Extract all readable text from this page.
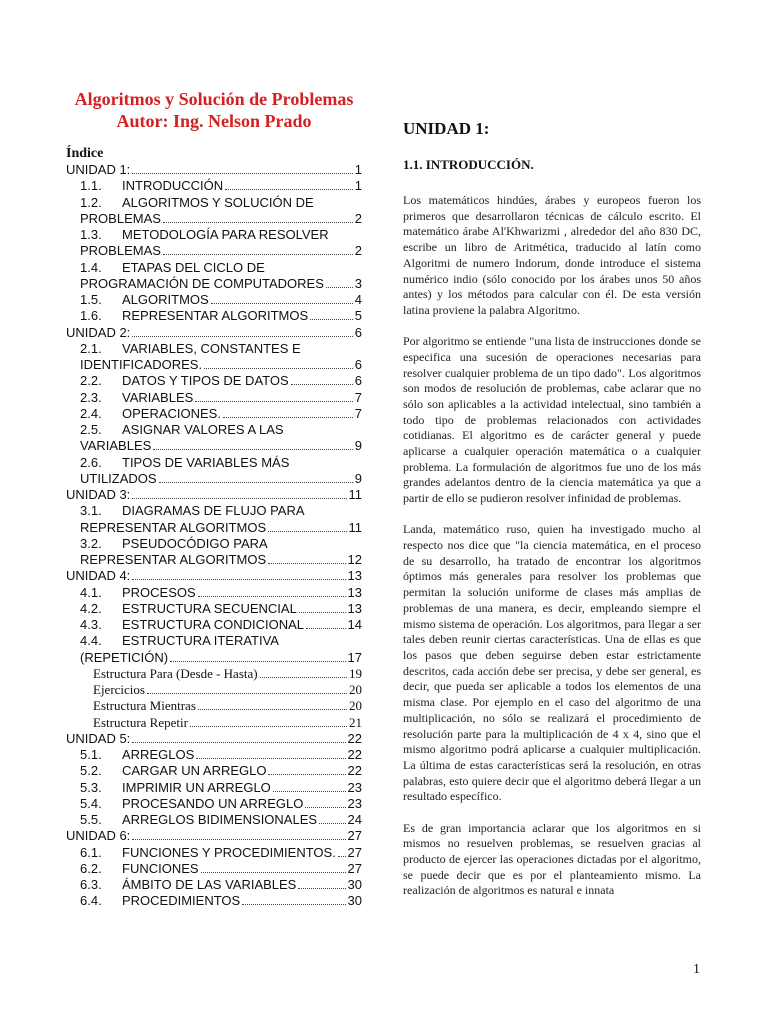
Algoritmos y Solución de Problemas
Autor: Ing. Nelson Prado
Índice
UNIDAD 1:	1
1.1.	INTRODUCCIÓN	1
1.2.	ALGORITMOS Y SOLUCIÓN DE
PROBLEMAS	2
1.3.	METODOLOGÍA PARA RESOLVER
PROBLEMAS	2
1.4.	ETAPAS DEL CICLO DE
PROGRAMACIÓN DE COMPUTADORES 3
1.5.	ALGORITMOS	4
1.6.	REPRESENTAR ALGORITMOS	5
UNIDAD 2:	6
2.1.	VARIABLES, CONSTANTES E
IDENTIFICADORES.	6
2.2.	DATOS Y TIPOS DE DATOS	6
2.3.	VARIABLES	7
2.4.	OPERACIONES.	7
2.5.	ASIGNAR VALORES A LAS
VARIABLES	9
2.6.	TIPOS DE VARIABLES MÁS
UTILIZADOS	9
UNIDAD 3:	11
3.1.	DIAGRAMAS DE FLUJO PARA
REPRESENTAR ALGORITMOS	11
3.2.	PSEUDOCÓDIGO PARA
REPRESENTAR ALGORITMOS	12
UNIDAD 4:	13
4.1.	PROCESOS	13
4.2.	ESTRUCTURA SECUENCIAL	13
4.3.	ESTRUCTURA CONDICIONAL	14
4.4.	ESTRUCTURA ITERATIVA
(REPETICIÓN)	17
Estructura Para (Desde - Hasta)	19
Ejercicios	20
Estructura Mientras	20
Estructura Repetir	21
UNIDAD 5:	22
5.1.	ARREGLOS	22
5.2.	CARGAR UN ARREGLO	22
5.3.	IMPRIMIR UN ARREGLO	23
5.4.	PROCESANDO UN ARREGLO	23
5.5.	ARREGLOS BIDIMENSIONALES 24
UNIDAD 6:	27
6.1.	FUNCIONES Y PROCEDIMIENTOS. 27
6.2.	FUNCIONES	27
6.3.	ÁMBITO DE LAS VARIABLES	30
6.4.	PROCEDIMIENTOS	30
UNIDAD 1:
1.1. INTRODUCCIÓN.

Los matemáticos hindúes, árabes y europeos fueron los primeros que desarrollaron técnicas de cálculo escrito. El matemático árabe Al'Khwarizmi , alrededor del año 830 DC, escribe un libro de Aritmética, traducido al latín como Algoritmi de numero Indorum, donde introduce el sistema numérico indio (sólo conocido por los árabes unos 50 años antes) y los métodos para calcular con él. De esta versión latina proviene la palabra Algoritmo.

Por algoritmo se entiende "una lista de instrucciones donde se especifica una sucesión de operaciones necesarias para resolver cualquier problema de un tipo dado". Los algoritmos son modos de resolución de problemas, cabe aclarar que no sólo son aplicables a la actividad intelectual, sino también a todo tipo de problemas relacionados con actividades cotidianas. El algoritmo es de carácter general y puede aplicarse a cualquier operación matemática o a cualquier problema. La formulación de algoritmos fue uno de los más grandes adelantos dentro de la ciencia matemática ya que a partir de ello se pudieron resolver infinidad de problemas.

Landa, matemático ruso, quien ha investigado mucho al respecto nos dice que "la ciencia matemática, en el proceso de su desarrollo, ha tratado de encontrar los algoritmos óptimos más generales para resolver los problemas que permitan la solución uniforme de clases más amplias de problemas de una manera, es decir, empleando siempre el mismo sistema de operación. Los algoritmos, para llegar a ser tales deben reunir ciertas características. Una de ellas es que los pasos que deben seguirse deben estar estrictamente descritos, cada acción debe ser precisa, y debe ser general, es decir, que pueda ser aplicable a todos los elementos de una misma clase. Por ejemplo en el caso del algoritmo de una multiplicación, no sólo se realizará el procedimiento de resolución parte para la multiplicación de 4 x 4, sino que el mismo algoritmo podrá aplicarse a cualquier multiplicación. La última de estas características será la resolución, en otras palabras, esto quiere decir que el algoritmo deberá llegar a un resultado específico.

Es de gran importancia aclarar que los algoritmos en si mismos no resuelven problemas, se resuelven gracias al producto de ejercer las operaciones dictadas por el algoritmo, se puede decir que es por el planteamiento mismo. La realización de algoritmos es natural e innata

1
